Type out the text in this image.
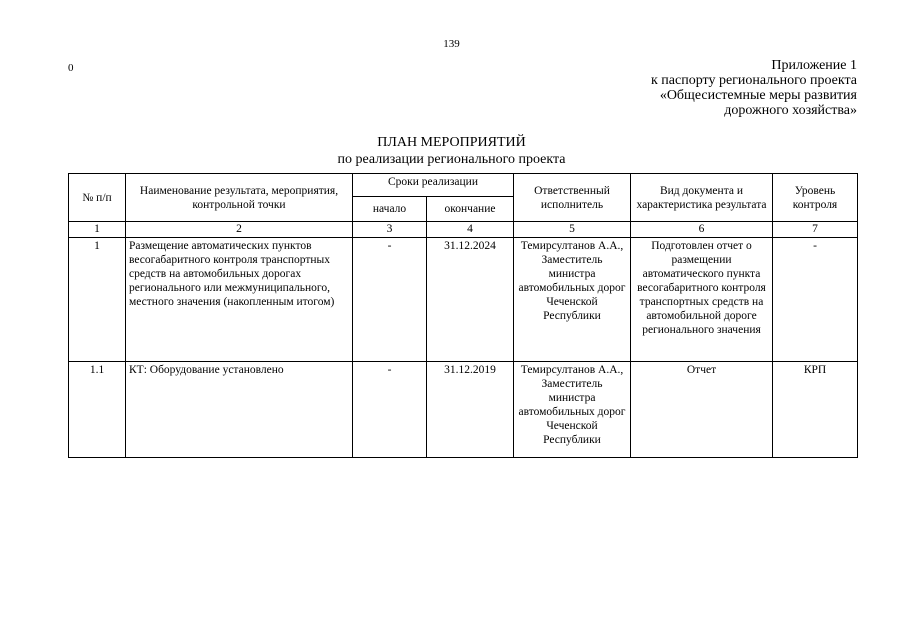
139
0	Приложение 1
к паспорту регионального проекта
«Общесистемные меры развития
дорожного хозяйства»
ПЛАН МЕРОПРИЯТИЙ
по реализации регионального проекта
№ п/п	Наименование результата, мероприятия, контрольной точки	Сроки реализации		Ответственный исполнитель	Вид документа и характеристика результата	Уровень контроля
		начало	окончание			
1	2	3	4	5	6	7
1	Размещение автоматических пунктов весогабаритного контроля транспортных средств на автомобильных дорогах регионального или межмуниципального, местного значения (накопленным итогом)	-	31.12.2024	Темирсултанов А.А., Заместитель министра автомобильных дорог Чеченской Республики	Подготовлен отчет о размещении автоматического пункта весогабаритного контроля транспортных средств на автомобильной дороге регионального значения	-
1.1	КТ: Оборудование установлено	-	31.12.2019	Темирсултанов А.А., Заместитель министра автомобильных дорог Чеченской Республики	Отчет	КРП
